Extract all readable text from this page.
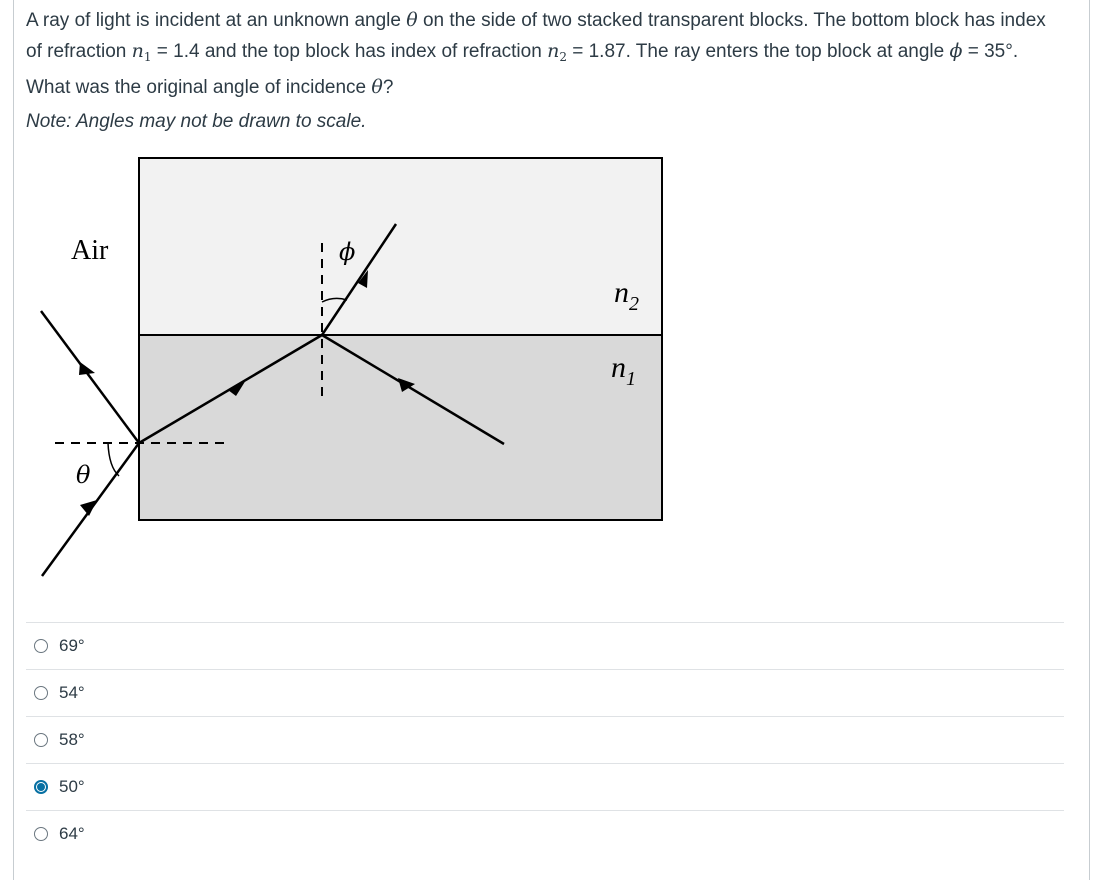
A ray of light is incident at an unknown angle θ on the side of two stacked transparent blocks. The bottom block has index of refraction $n_1 = 1.4$ and the top block has index of refraction $n_2 = 1.87$. The ray enters the top block at angle ϕ = 35°. What was the original angle of incidence θ?
Note: Angles may not be drawn to scale.
Air	ϕ
θ
$n_2$
$n_1$
69°
54°
58°
50°
64°
